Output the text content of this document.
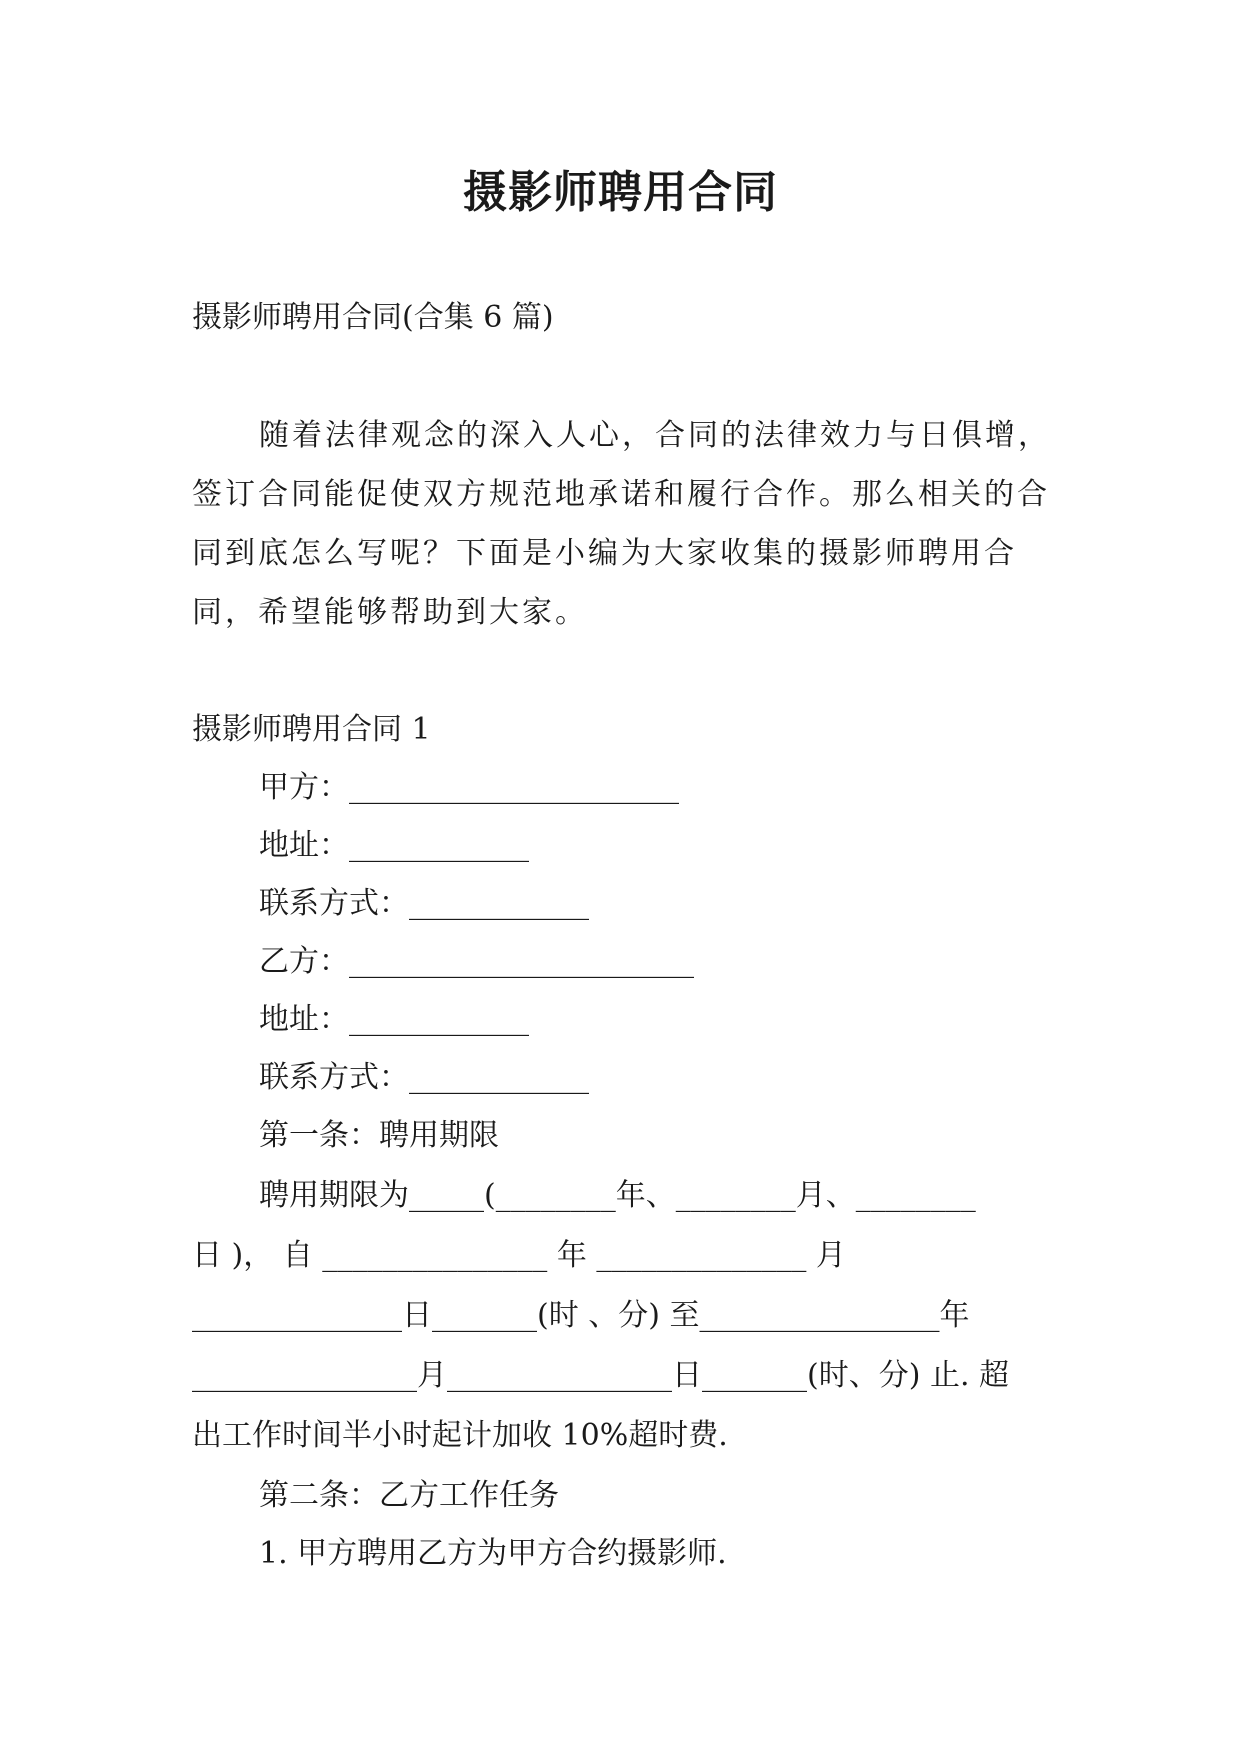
摄影师聘用合同
摄影师聘用合同(合集 6 篇)
随着法律观念的深入人心，合同的法律效力与日俱增，签订合同能促使双方规范地承诺和履行合作。那么相关的合同到底怎么写呢？下面是小编为大家收集的摄影师聘用合同，希望能够帮助到大家。
摄影师聘用合同 1
甲方：______________________
地址：____________
联系方式：____________
乙方：_______________________
地址：____________
联系方式：____________
第一条：聘用期限
聘用期限为_____(________年、________月、________
日 )， 自 _______________ 年 ______________ 月
______________日_______(时 、分) 至________________年
_______________月_______________日_______(时、分) 止. 超
出工作时间半小时起计加收 10%超时费.
第二条：乙方工作任务
1. 甲方聘用乙方为甲方合约摄影师.
